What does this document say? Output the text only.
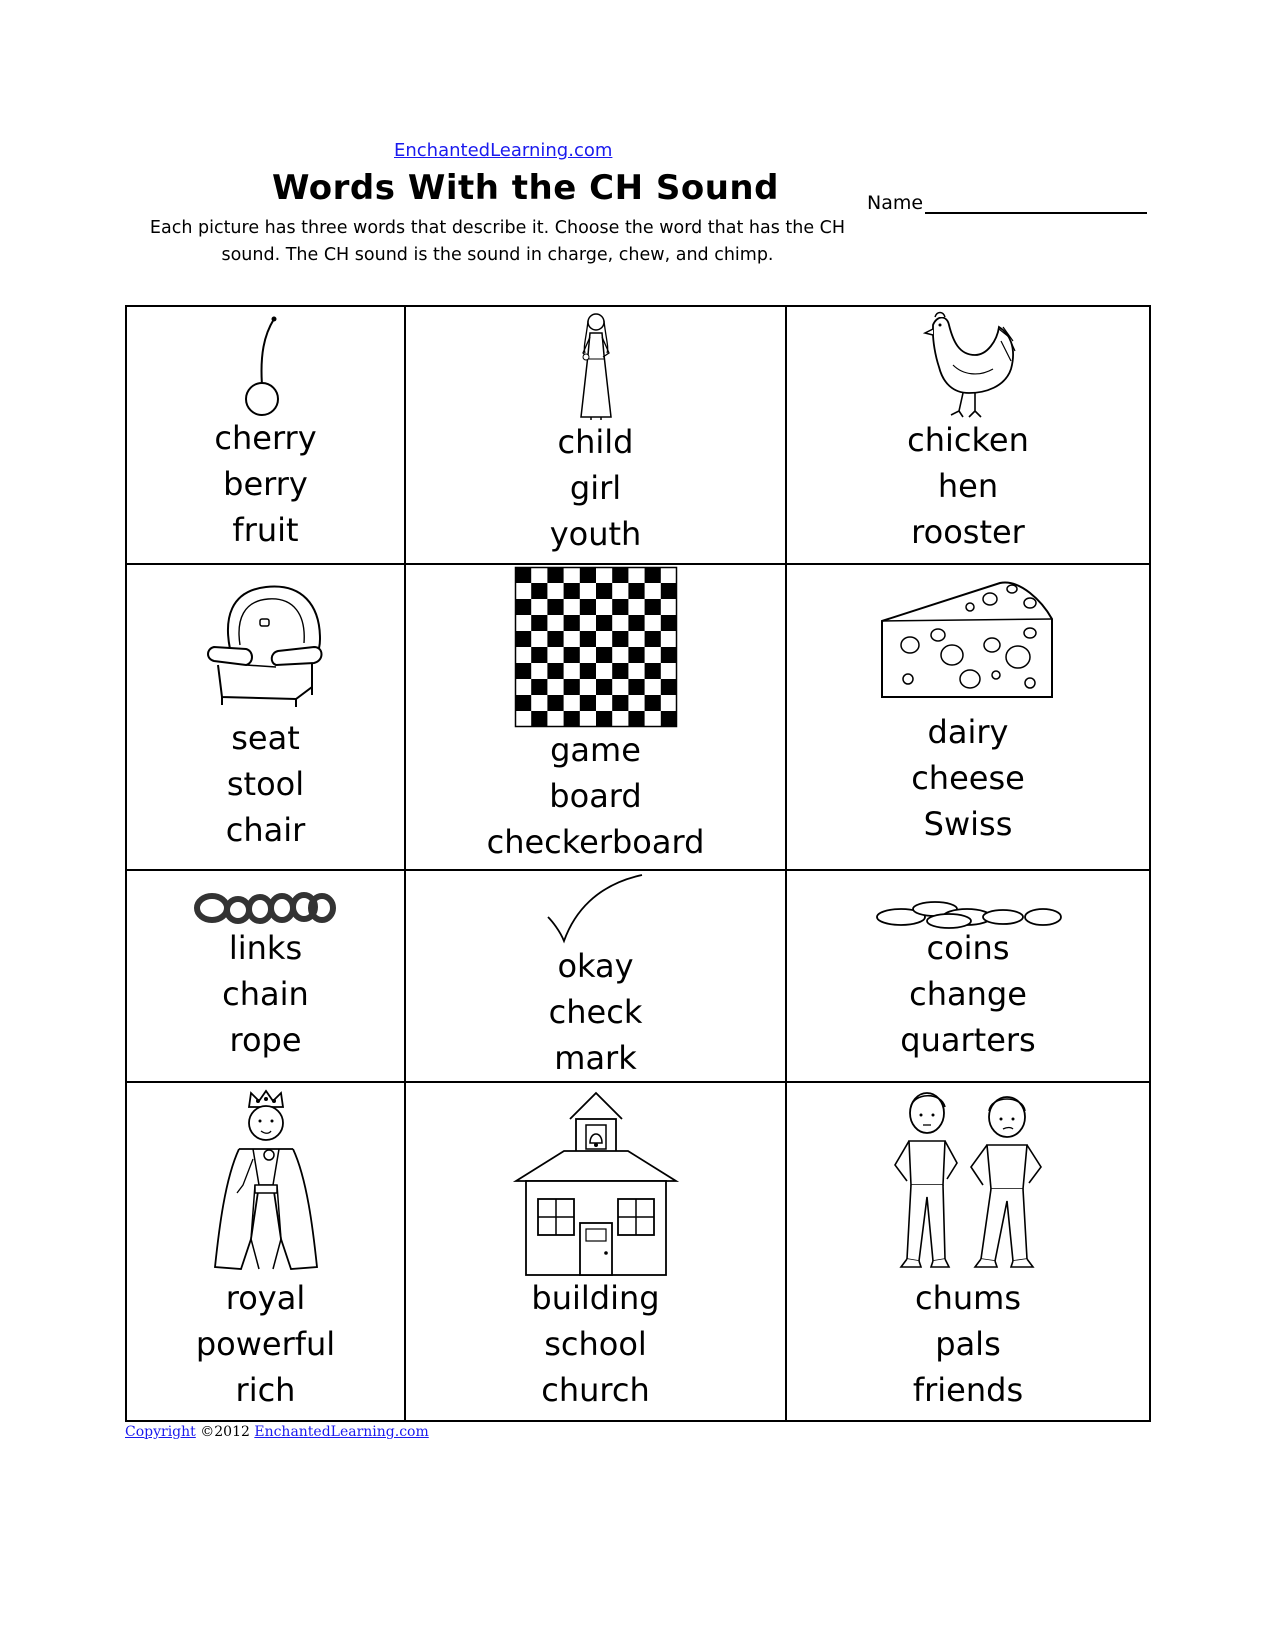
EnchantedLearning.com
Words With the CH Sound	Name

Each picture has three words that describe it. Choose the word that has the CH sound. The CH sound is the sound in charge, chew, and chimp.

cherry
berry
fruit
child
girl
youth
chicken
hen
rooster
seat
stool
chair
game
board
checkerboard
dairy
cheese
Swiss
links
chain
rope
okay
check
mark
coins
change
quarters
royal
powerful
rich
building
school
church
chums
pals
friends
Copyright ©2012 EnchantedLearning.com
